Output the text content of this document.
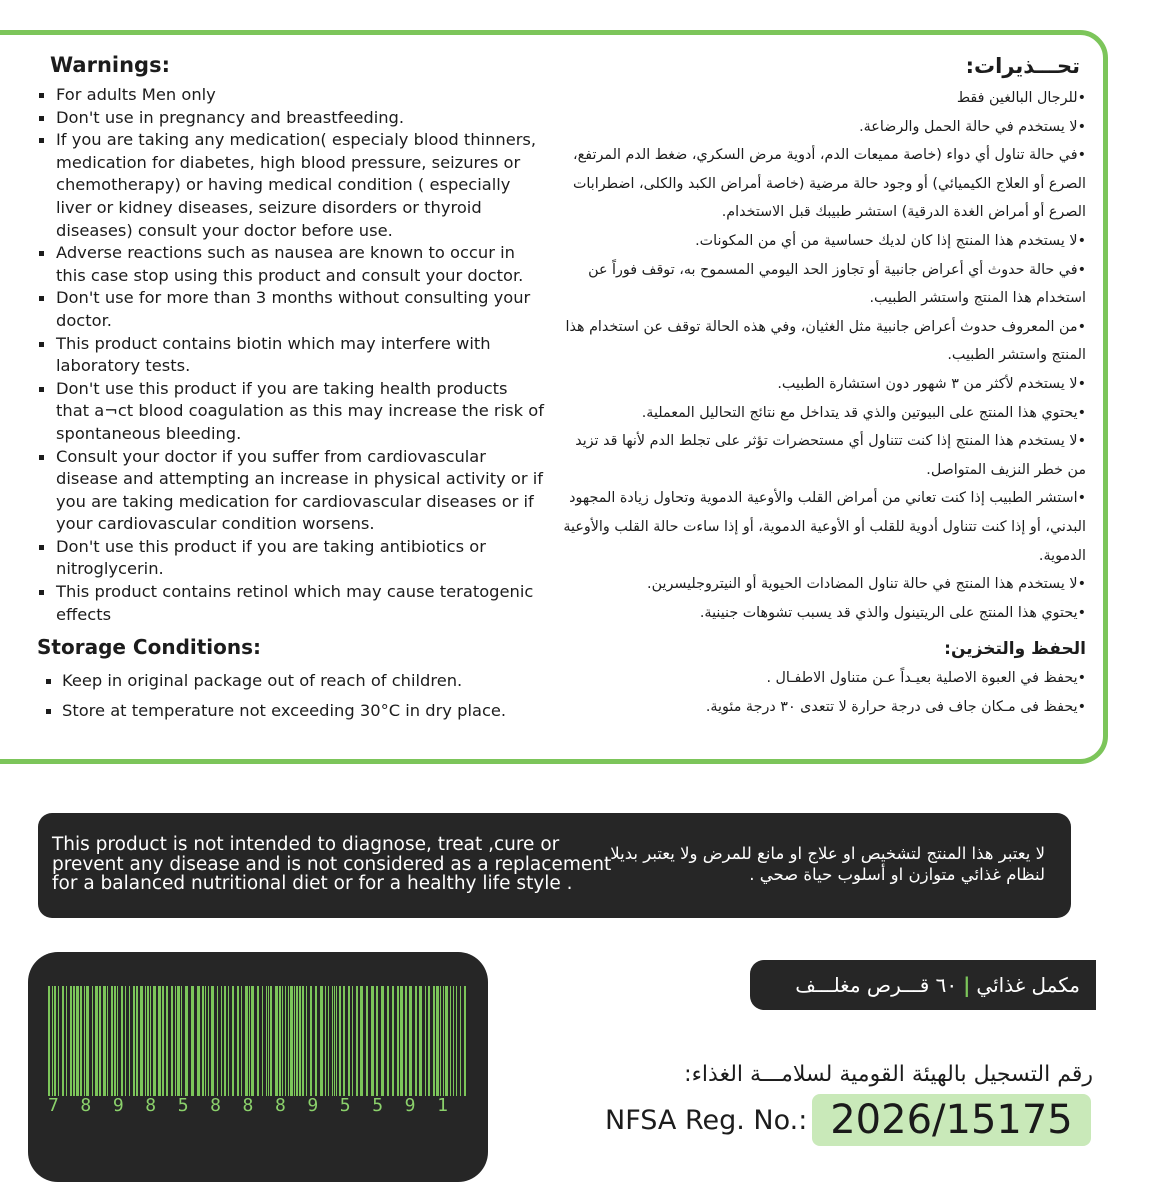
Warnings:
For adults Men only
Don't use in pregnancy and breastfeeding.
If you are taking any medication( especialy blood thinners, medication for diabetes, high blood pressure, seizures or chemotherapy) or having medical condition ( especially liver or kidney diseases, seizure disorders or thyroid diseases) consult your doctor before use.
Adverse reactions such as nausea are known to occur in this case stop using this product and consult your doctor.
Don't use for more than 3 months without consulting your doctor.
This product contains biotin which may interfere with laboratory tests.
Don't use this product if you are taking health products that a¬ct blood coagulation as this may increase the risk of spontaneous bleeding.
Consult your doctor if you suffer from cardiovascular disease and attempting an increase in physical activity or if you are taking medication for cardiovascular diseases or if your cardiovascular condition worsens.
Don't use this product if you are taking antibiotics or nitroglycerin.
This product contains retinol which may cause teratogenic effects
Storage Conditions:
Keep in original package out of reach of children.
Store at temperature not exceeding 30°C in dry place.
تحـــذيرات:
• للرجال البالغين فقط
• لا يستخدم في حالة الحمل والرضاعة.
• في حالة تناول أي دواء (خاصة مميعات الدم، أدوية مرض السكري، ضغط الدم المرتفع، الصرع أو العلاج الكيميائي) أو وجود حالة مرضية (خاصة أمراض الكبد والكلى، اضطرابات الصرع أو أمراض الغدة الدرقية) استشر طبيبك قبل الاستخدام.
• لا يستخدم هذا المنتج إذا كان لديك حساسية من أي من المكونات.
• في حالة حدوث أي أعراض جانبية أو تجاوز الحد اليومي المسموح به، توقف فوراً عن استخدام هذا المنتج واستشر الطبيب.
• من المعروف حدوث أعراض جانبية مثل الغثيان، وفي هذه الحالة توقف عن استخدام هذا المنتج واستشر الطبيب.
• لا يستخدم لأكثر من ٣ شهور دون استشارة الطبيب.
• يحتوي هذا المنتج على البيوتين والذي قد يتداخل مع نتائج التحاليل المعملية.
• لا يستخدم هذا المنتج إذا كنت تتناول أي مستحضرات تؤثر على تجلط الدم لأنها قد تزيد من خطر النزيف المتواصل.
• استشر الطبيب إذا كنت تعاني من أمراض القلب والأوعية الدموية وتحاول زيادة المجهود البدني، أو إذا كنت تتناول أدوية للقلب أو الأوعية الدموية، أو إذا ساءت حالة القلب والأوعية الدموية.
• لا يستخدم هذا المنتج في حالة تناول المضادات الحيوية أو النيتروجليسرين.
• يحتوي هذا المنتج على الريتينول والذي قد يسبب تشوهات جنينية.
الحفظ والتخزين:
• يحفظ في العبوة الاصلية بعيـداً عـن متناول الاطفـال .
• يحفظ فى مـكان جاف فى درجة حرارة لا تتعدى ٣٠ درجة مئوية.
This product is not intended to diagnose, treat ,cure or prevent any disease and is not considered as a replacement for a balanced nutritional diet or for a healthy life style .
لا يعتبر هذا المنتج لتشخيص او علاج او مانع للمرض ولا يعتبر بديلا لنظام غذائي متوازن او أسلوب حياة صحي .
7 8 9 8 5 8 8 8 9 5 5 9 1
مكمل غذائي
|
٦٠ قـــرص مغلـــف
رقم التسجيل بالهيئة القومية لسلامـــة الغذاء:
NFSA Reg. No.: 2026/15175
